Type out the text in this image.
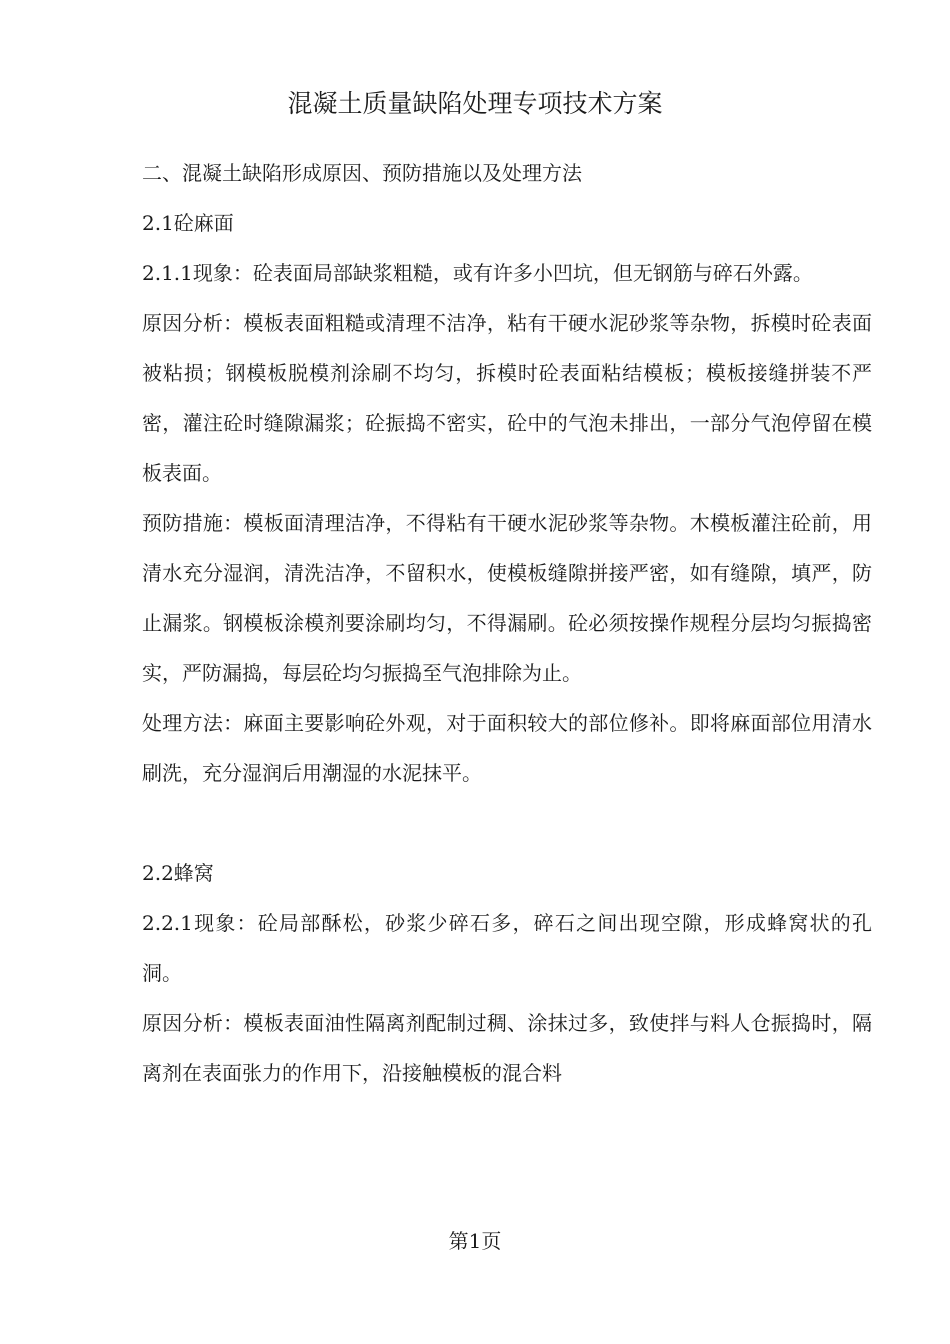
混凝土质量缺陷处理专项技术方案

二、混凝土缺陷形成原因、预防措施以及处理方法

2.1砼麻面

2.1.1现象：砼表面局部缺浆粗糙，或有许多小凹坑，但无钢筋与碎石外露。

原因分析：模板表面粗糙或清理不洁净，粘有干硬水泥砂浆等杂物，拆模时砼表面被粘损；钢模板脱模剂涂刷不均匀，拆模时砼表面粘结模板；模板接缝拼装不严密，灌注砼时缝隙漏浆；砼振捣不密实，砼中的气泡未排出，一部分气泡停留在模板表面。

预防措施：模板面清理洁净，不得粘有干硬水泥砂浆等杂物。木模板灌注砼前，用清水充分湿润，清洗洁净，不留积水，使模板缝隙拼接严密，如有缝隙，填严，防止漏浆。钢模板涂模剂要涂刷均匀，不得漏刷。砼必须按操作规程分层均匀振捣密实，严防漏捣，每层砼均匀振捣至气泡排除为止。

处理方法：麻面主要影响砼外观，对于面积较大的部位修补。即将麻面部位用清水刷洗，充分湿润后用潮湿的水泥抹平。

2.2蜂窝

2.2.1现象：砼局部酥松，砂浆少碎石多，碎石之间出现空隙，形成蜂窝状的孔洞。

原因分析：模板表面油性隔离剂配制过稠、涂抹过多，致使拌与料人仓振捣时，隔离剂在表面张力的作用下，沿接触模板的混合料

第1页
